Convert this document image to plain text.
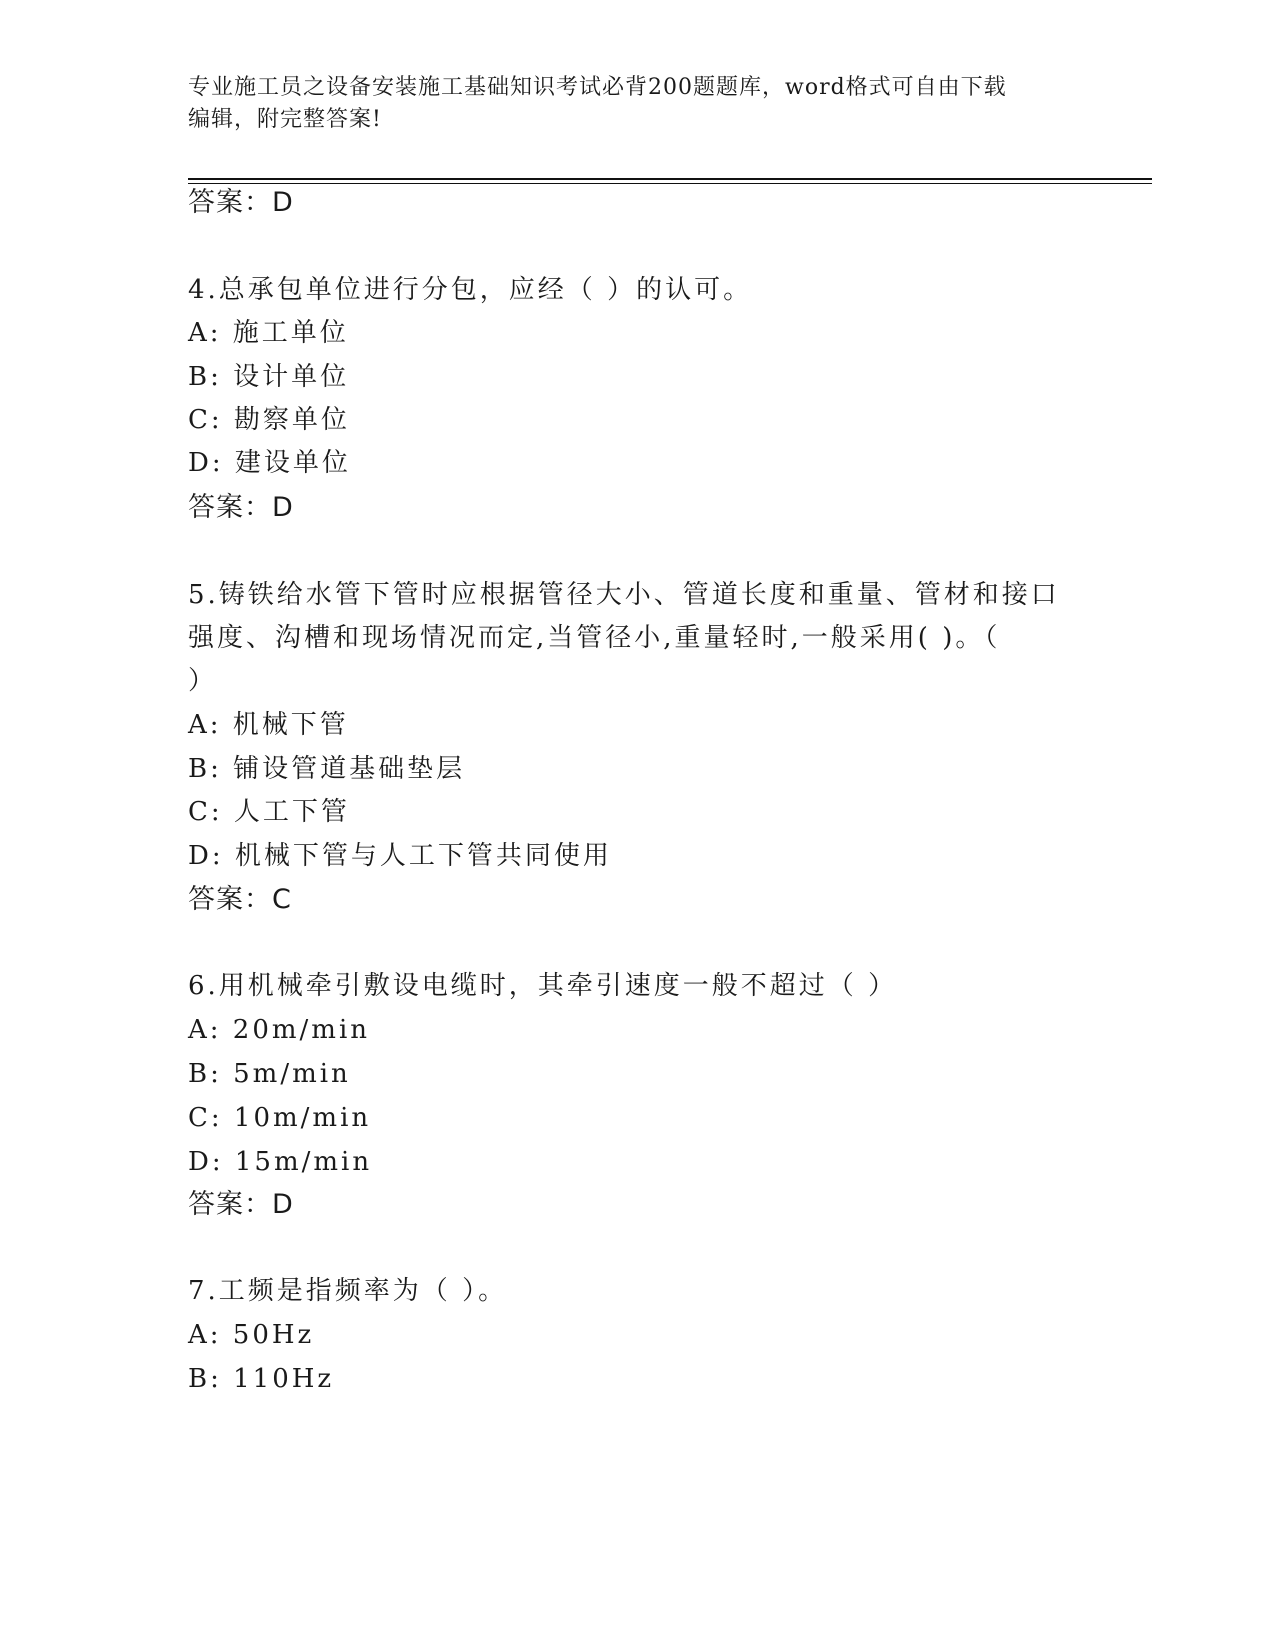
专业施工员之设备安装施工基础知识考试必背200题题库，word格式可自由下载
编辑，附完整答案!
答案：D
4.总承包单位进行分包，应经（ ）的认可。
A: 施工单位
B: 设计单位
C: 勘察单位
D: 建设单位
答案：D
5.铸铁给水管下管时应根据管径大小、管道长度和重量、管材和接口
强度、沟槽和现场情况而定,当管径小,重量轻时,一般采用( )。（
）
A: 机械下管
B: 铺设管道基础垫层
C: 人工下管
D: 机械下管与人工下管共同使用
答案：C
6.用机械牵引敷设电缆时，其牵引速度一般不超过（ ）
A: 20m/min
B: 5m/min
C: 10m/min
D: 15m/min
答案：D
7.工频是指频率为（ ）。
A: 50Hz
B: 110Hz
